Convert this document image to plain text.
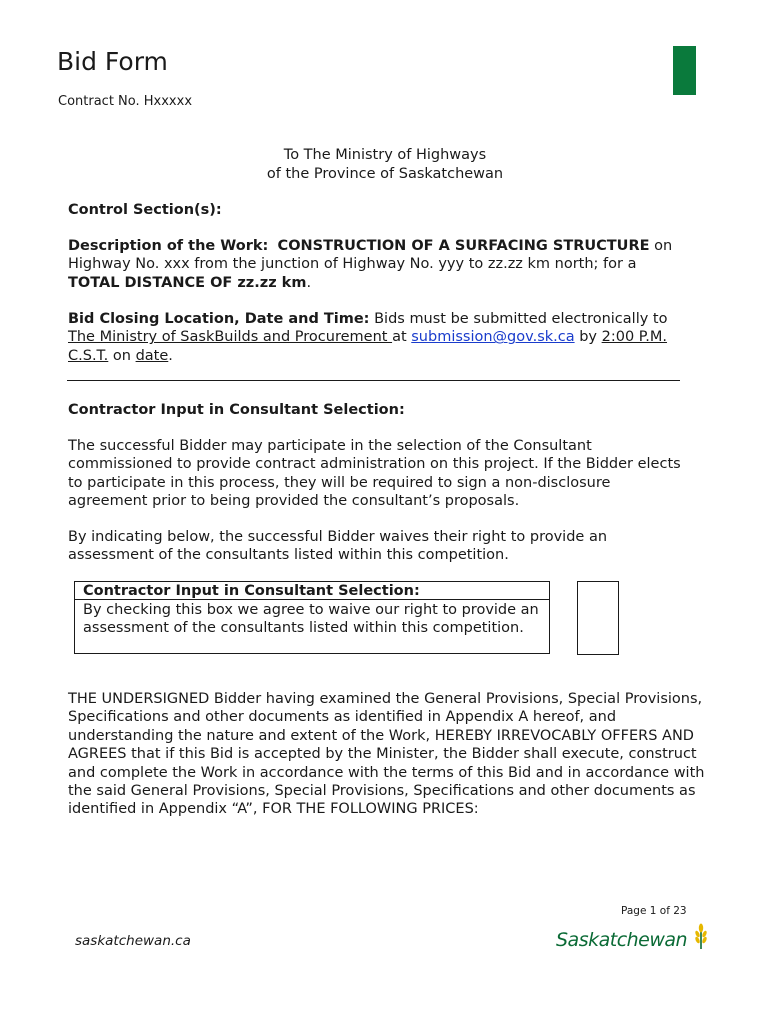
Bid Form
Contract No. Hxxxxx
To The Ministry of Highways
of the Province of Saskatchewan
Control Section(s):
Description of the Work: CONSTRUCTION OF A SURFACING STRUCTURE on
Highway No. xxx from the junction of Highway No. yyy to zz.zz km north; for a
TOTAL DISTANCE OF zz.zz km.
Bid Closing Location, Date and Time: Bids must be submitted electronically to
The Ministry of SaskBuilds and Procurement at submission@gov.sk.ca by 2:00 P.M.
C.S.T. on date.
Contractor Input in Consultant Selection:
The successful Bidder may participate in the selection of the Consultant commissioned to provide contract administration on this project. If the Bidder elects to participate in this process, they will be required to sign a non-disclosure agreement prior to being provided the consultant’s proposals.
By indicating below, the successful Bidder waives their right to provide an assessment of the consultants listed within this competition.
Contractor Input in Consultant Selection:
By checking this box we agree to waive our right to provide an assessment of the consultants listed within this competition.
THE UNDERSIGNED Bidder having examined the General Provisions, Special Provisions, Specifications and other documents as identified in Appendix A hereof, and understanding the nature and extent of the Work, HEREBY IRREVOCABLY OFFERS AND AGREES that if this Bid is accepted by the Minister, the Bidder shall execute, construct and complete the Work in accordance with the terms of this Bid and in accordance with the said General Provisions, Special Provisions, Specifications and other documents as identified in Appendix “A”, FOR THE FOLLOWING PRICES:
Page 1 of 23
saskatchewan.ca	Saskatchewan
